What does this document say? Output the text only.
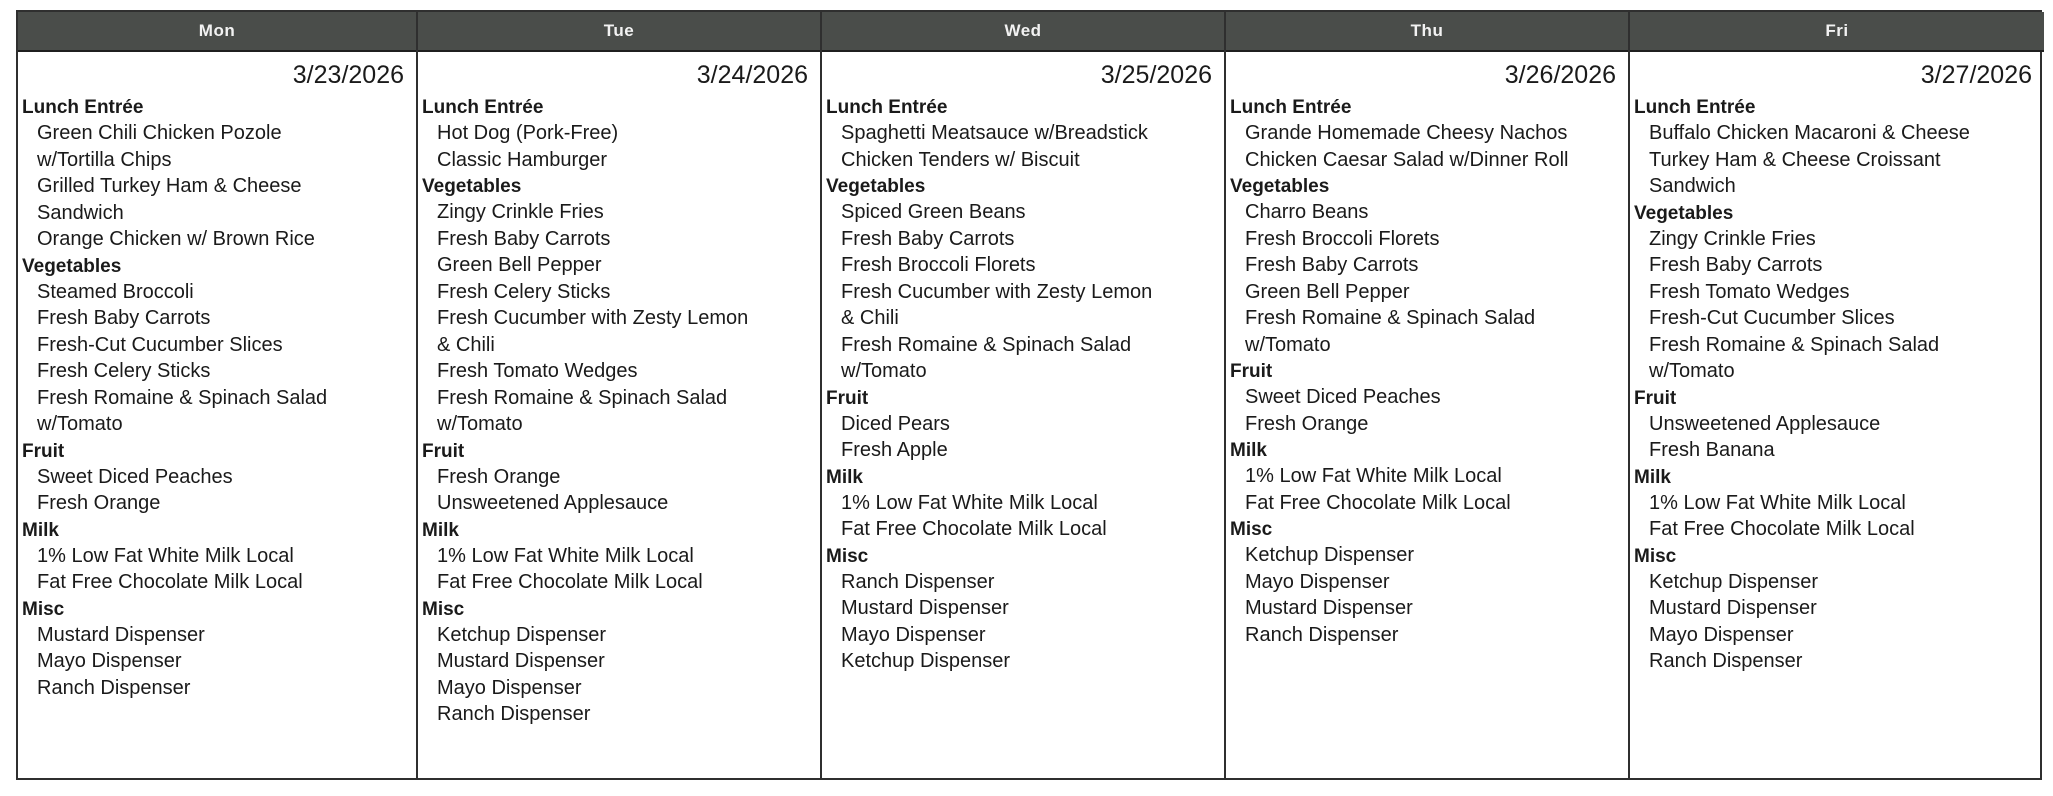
Mon
3/23/2026
Lunch Entrée
Green Chili Chicken Pozole
w/Tortilla Chips
Grilled Turkey Ham & Cheese
Sandwich
Orange Chicken w/ Brown Rice
Vegetables
Steamed Broccoli
Fresh Baby Carrots
Fresh-Cut Cucumber Slices
Fresh Celery Sticks
Fresh Romaine & Spinach Salad
w/Tomato
Fruit
Sweet Diced Peaches
Fresh Orange
Milk
1% Low Fat White Milk Local
Fat Free Chocolate Milk Local
Misc
Mustard Dispenser
Mayo Dispenser
Ranch Dispenser
Tue
3/24/2026
Lunch Entrée
Hot Dog (Pork-Free)
Classic Hamburger
Vegetables
Zingy Crinkle Fries
Fresh Baby Carrots
Green Bell Pepper
Fresh Celery Sticks
Fresh Cucumber with Zesty Lemon
& Chili
Fresh Tomato Wedges
Fresh Romaine & Spinach Salad
w/Tomato
Fruit
Fresh Orange
Unsweetened Applesauce
Milk
1% Low Fat White Milk Local
Fat Free Chocolate Milk Local
Misc
Ketchup Dispenser
Mustard Dispenser
Mayo Dispenser
Ranch Dispenser
Wed
3/25/2026
Lunch Entrée
Spaghetti Meatsauce w/Breadstick
Chicken Tenders w/ Biscuit
Vegetables
Spiced Green Beans
Fresh Baby Carrots
Fresh Broccoli Florets
Fresh Cucumber with Zesty Lemon
& Chili
Fresh Romaine & Spinach Salad
w/Tomato
Fruit
Diced Pears
Fresh Apple
Milk
1% Low Fat White Milk Local
Fat Free Chocolate Milk Local
Misc
Ranch Dispenser
Mustard Dispenser
Mayo Dispenser
Ketchup Dispenser
Thu
3/26/2026
Lunch Entrée
Grande Homemade Cheesy Nachos
Chicken Caesar Salad w/Dinner Roll
Vegetables
Charro Beans
Fresh Broccoli Florets
Fresh Baby Carrots
Green Bell Pepper
Fresh Romaine & Spinach Salad
w/Tomato
Fruit
Sweet Diced Peaches
Fresh Orange
Milk
1% Low Fat White Milk Local
Fat Free Chocolate Milk Local
Misc
Ketchup Dispenser
Mayo Dispenser
Mustard Dispenser
Ranch Dispenser
Fri
3/27/2026
Lunch Entrée
Buffalo Chicken Macaroni & Cheese
Turkey Ham & Cheese Croissant
Sandwich
Vegetables
Zingy Crinkle Fries
Fresh Baby Carrots
Fresh Tomato Wedges
Fresh-Cut Cucumber Slices
Fresh Romaine & Spinach Salad
w/Tomato
Fruit
Unsweetened Applesauce
Fresh Banana
Milk
1% Low Fat White Milk Local
Fat Free Chocolate Milk Local
Misc
Ketchup Dispenser
Mustard Dispenser
Mayo Dispenser
Ranch Dispenser
